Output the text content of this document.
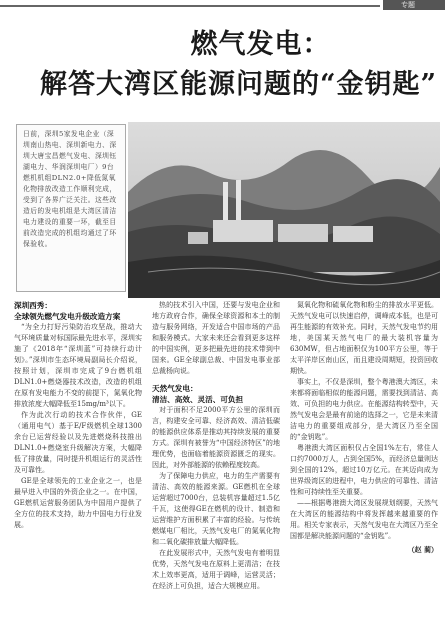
专题
燃气发电：
解答大湾区能源问题的“金钥匙”
日前，深圳5家发电企业（深圳南山热电、深圳新电力、深圳大唐宝昌燃气发电、深圳钰湖电力、华润深圳电厂）9台燃机机组DLN2.0+降低氮氧化物排放改造工作顺利完成，受到了各界广泛关注。这些改造后的发电机组是大湾区清洁电力建设的重要一环，截至目前改造完成的机组均通过了环保验收。

深圳西秀：

全球领先燃气发电升级改造方案

“为全力打好污染防治攻坚战，推动大气环境质量对标国际最先进水平，深圳实施了《2018年“深圳蓝”可持续行动计划》。”深圳市生态环境局副局长介绍说，按照计划，深圳市完成了9台燃机组DLN1.0+燃烧器技术改造，改造的机组在原有发电能力不变的前提下，氮氧化物排放浓度大幅降低至15mg/m³以下。

作为此次行动的技术合作伙伴，GE（通用电气）基于E/F级燃机全球1300余台已运营经验以及先进燃烧科技推出DLN1.0+燃烧室升级解决方案，大幅降低了排放量，同时提升机组运行的灵活性及可靠性。

GE是全球领先的工业企业之一，也是最早进入中国的外资企业之一。在中国，GE燃机运营服务团队为中国用户提供了全方位的技术支持，助力中国电力行业发展。

热的技术引入中国，还要与发电企业和地方政府合作，确保全球资源和本土的制造与服务网络，开发适合中国市场的产品和服务模式。大家未来还会看到更多这样的中国实例，更多把最先进的技术带到中国来。GE全球副总裁、中国发电事业部总裁杨向说。

天然气发电：

清洁、高效、灵活、可负担

对于面积不足2000平方公里的深圳而言，构建安全可靠、经济高效、清洁低碳的能源供应体系是推动其持续发展的重要方式。深圳有被誉为“中国经济特区”的地理优势，也面临着能源资源匮乏的现实。因此，对外部能源的依赖程度较高。

为了保障电力供应，电力的生产需要有清洁、高效的能源来源。GE燃机在全球运营超过7000台，总装机容量超过1.5亿千瓦，这使得GE在燃机的设计、制造和运营维护方面积累了丰富的经验。与传统燃煤电厂相比，天然气发电厂的氮氧化物和二氧化碳排放量大幅降低。

在此发展形式中，天然气发电有着明显优势，天然气发电在原料上更清洁；在技术上效率更高，适用于调峰，运营灵活；在经济上可负担，适合大规模应用。

氮氧化物和硫氧化物和粉尘的排放水平更低。天然气发电可以快速启停，调峰成本低，也是可再生能源的有效补充。同时，天然气发电节约用地，美国某天然气电厂的最大装机容量为630MW，但占地面积仅为100平方公里，等于太平洋岸区南山区，而且建设周期短，投资回收期快。

事实上，不仅是深圳，整个粤港澳大湾区，未来都将面临相似的能源问题，需要找到清洁、高效、可负担的电力供应。在能源结构转型中，天然气发电会是最有前途的选择之一，它是未来清洁电力的重要组成部分，是大湾区乃至全国的“金钥匙”。

粤港澳大湾区面积仅占全国1%左右，常住人口约7000万人，占到全国5%，而经济总量则达到全国的12%，超过10万亿元。在其迈向成为世界级湾区的进程中，电力供应的可靠性、清洁性和可持续性至关重要。

——根据粤港澳大湾区发展规划纲要，天然气在大湾区的能源结构中将发挥越来越重要的作用。相关专家表示，天然气发电在大湾区乃至全国都是解决能源问题的“金钥匙”。

（赵 蔺）
